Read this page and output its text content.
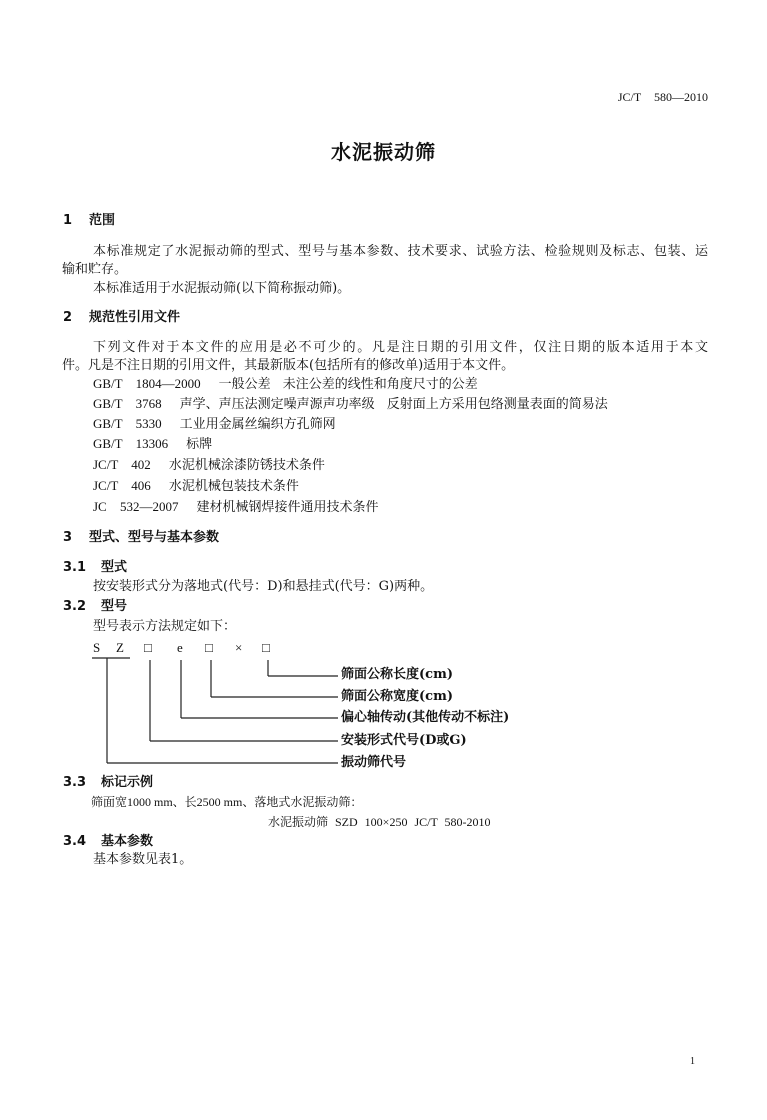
JC/T 580—2010
水泥振动筛
1 范围
本标准规定了水泥振动筛的型式、型号与基本参数、技术要求、试验方法、检验规则及标志、包装、运
输和贮存。
本标准适用于水泥振动筛(以下简称振动筛)。
2 规范性引用文件
下列文件对于本文件的应用是必不可少的。凡是注日期的引用文件，仅注日期的版本适用于本文
件。凡是不注日期的引用文件，其最新版本(包括所有的修改单)适用于本文件。
GB/T 1804—2000 一般公差 未注公差的线性和角度尺寸的公差
GB/T 3768 声学、声压法测定噪声源声功率级 反射面上方采用包络测量表面的简易法
GB/T 5330 工业用金属丝编织方孔筛网
GB/T 13306 标牌
JC/T 402 水泥机械涂漆防锈技术条件
JC/T 406 水泥机械包装技术条件
JC 532—2007 建材机械钢焊接件通用技术条件
3 型式、型号与基本参数
3.1 型式
按安装形式分为落地式(代号：D)和悬挂式(代号：G)两种。
3.2 型号
型号表示方法规定如下：
S Z □ e □ × □
筛面公称长度(cm)
筛面公称宽度(cm)
偏心轴传动(其他传动不标注)
安装形式代号(D或G)
振动筛代号
3.3 标记示例
筛面宽1000 mm、长2500 mm、落地式水泥振动筛：
水泥振动筛 SZD 100×250 JC/T 580-2010
3.4 基本参数
基本参数见表1。
1
